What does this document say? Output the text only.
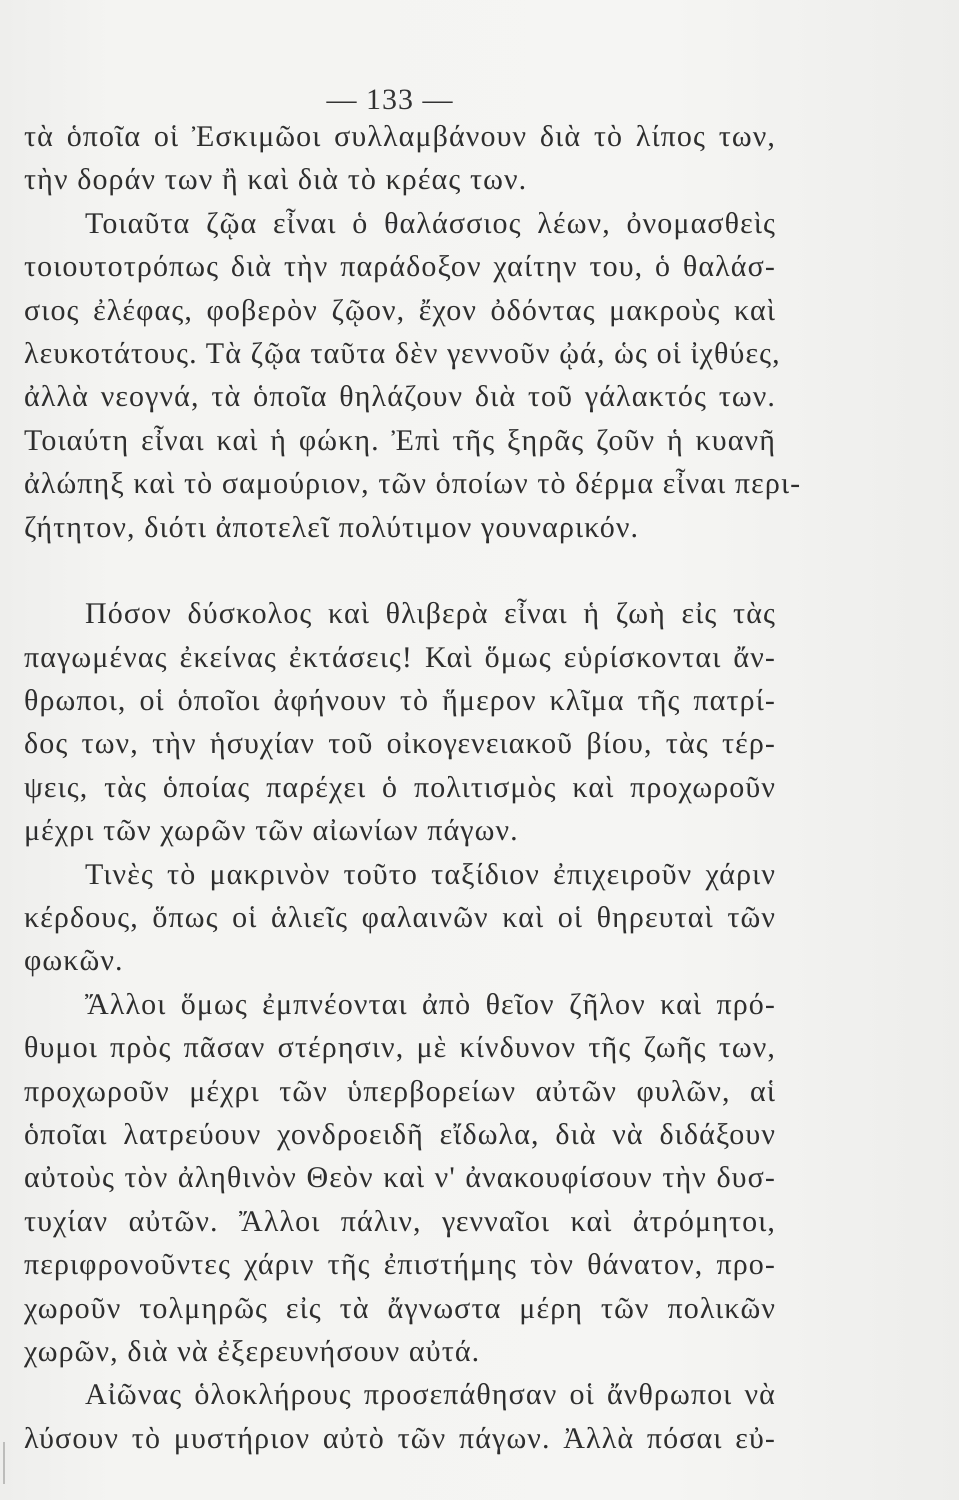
— 133 —
τὰ ὁποῖα οἱ Ἐσκιμῶοι συλλαμβάνουν διὰ τὸ λίπος των,
τὴν δοράν των ἢ καὶ διὰ τὸ κρέας των.
Τοιαῦτα ζῷα εἶναι ὁ θαλάσσιος λέων, ὀνομασθεὶς
τοιουτοτρόπως διὰ τὴν παράδοξον χαίτην του, ὁ θαλάσ-
σιος ἐλέφας, φοβερὸν ζῷον, ἔχον ὀδόντας μακροὺς καὶ
λευκοτάτους. Τὰ ζῷα ταῦτα δὲν γεννοῦν ᾠά, ὡς οἱ ἰχθύες,
ἀλλὰ νεογνά, τὰ ὁποῖα θηλάζουν διὰ τοῦ γάλακτός των.
Τοιαύτη εἶναι καὶ ἡ φώκη. Ἐπὶ τῆς ξηρᾶς ζοῦν ἡ κυανῆ
ἀλώπηξ καὶ τὸ σαμούριον, τῶν ὁποίων τὸ δέρμα εἶναι περι-
ζήτητον, διότι ἀποτελεῖ πολύτιμον γουναρικόν.
Πόσον δύσκολος καὶ θλιβερὰ εἶναι ἡ ζωὴ εἰς τὰς
παγωμένας ἐκείνας ἐκτάσεις! Καὶ ὅμως εὑρίσκονται ἄν-
θρωποι, οἱ ὁποῖοι ἀφήνουν τὸ ἥμερον κλῖμα τῆς πατρί-
δος των, τὴν ἡσυχίαν τοῦ οἰκογενειακοῦ βίου, τὰς τέρ-
ψεις, τὰς ὁποίας παρέχει ὁ πολιτισμὸς καὶ προχωροῦν
μέχρι τῶν χωρῶν τῶν αἰωνίων πάγων.
Τινὲς τὸ μακρινὸν τοῦτο ταξίδιον ἐπιχειροῦν χάριν
κέρδους, ὅπως οἱ ἁλιεῖς φαλαινῶν καὶ οἱ θηρευταὶ τῶν
φωκῶν.
Ἄλλοι ὅμως ἐμπνέονται ἀπὸ θεῖον ζῆλον καὶ πρό-
θυμοι πρὸς πᾶσαν στέρησιν, μὲ κίνδυνον τῆς ζωῆς των,
προχωροῦν μέχρι τῶν ὑπερβορείων αὐτῶν φυλῶν, αἱ
ὁποῖαι λατρεύουν χονδροειδῆ εἴδωλα, διὰ νὰ διδάξουν
αὐτοὺς τὸν ἀληθινὸν Θεὸν καὶ ν' ἀνακουφίσουν τὴν δυσ-
τυχίαν αὐτῶν. Ἄλλοι πάλιν, γενναῖοι καὶ ἀτρόμητοι,
περιφρονοῦντες χάριν τῆς ἐπιστήμης τὸν θάνατον, προ-
χωροῦν τολμηρῶς εἰς τὰ ἄγνωστα μέρη τῶν πολικῶν
χωρῶν, διὰ νὰ ἐξερευνήσουν αὐτά.
Αἰῶνας ὁλοκλήρους προσεπάθησαν οἱ ἄνθρωποι νὰ
λύσουν τὸ μυστήριον αὐτὸ τῶν πάγων. Ἀλλὰ πόσαι εὐ-
